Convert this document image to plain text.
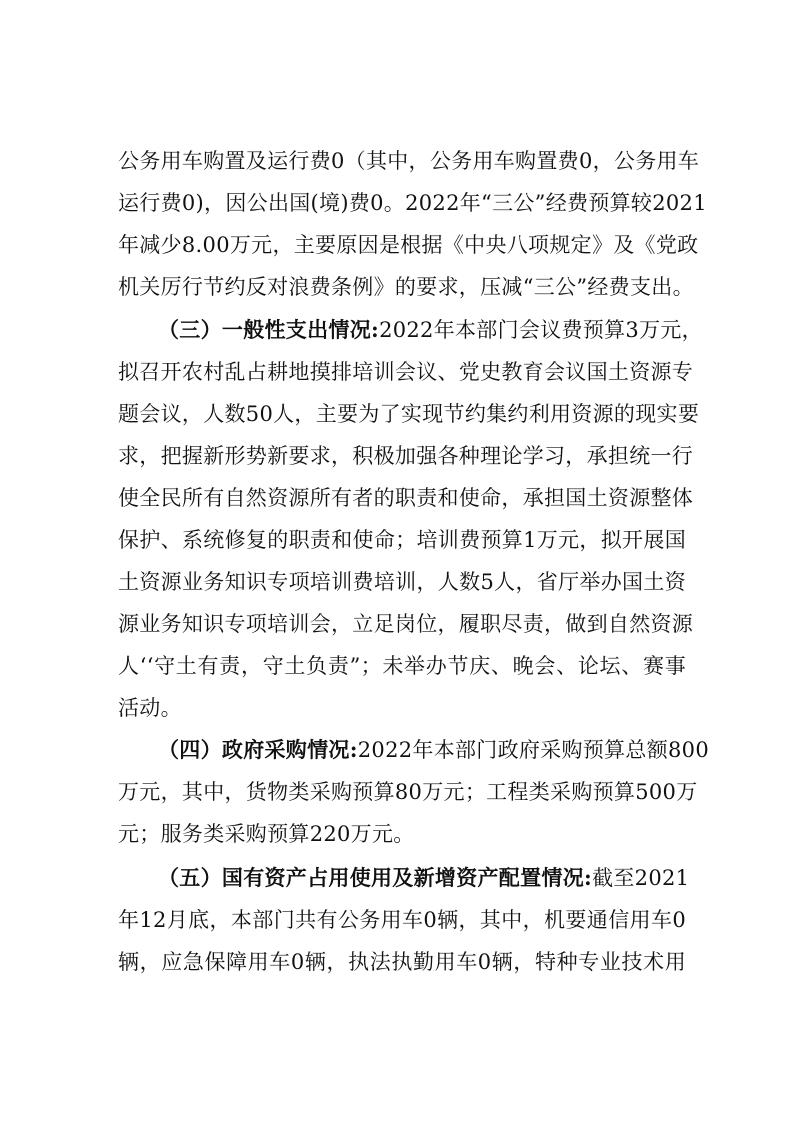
公务用车购置及运行费0（其中，公务用车购置费0，公务用车
运行费0)，因公出国(境)费0。2022年“三公”经费预算较2021
年减少8.00万元，主要原因是根据《中央八项规定》及《党政
机关厉行节约反对浪费条例》的要求，压减“三公”经费支出。
（三）一般性支出情况:2022年本部门会议费预算3万元，
拟召开农村乱占耕地摸排培训会议、党史教育会议国土资源专
题会议，人数50人，主要为了实现节约集约利用资源的现实要
求，把握新形势新要求，积极加强各种理论学习，承担统一行
使全民所有自然资源所有者的职责和使命，承担国土资源整体
保护、系统修复的职责和使命；培训费预算1万元，拟开展国
土资源业务知识专项培训费培训，人数5人，省厅举办国土资
源业务知识专项培训会，立足岗位，履职尽责，做到自然资源
人‘‘守土有责，守土负责”；未举办节庆、晚会、论坛、赛事
活动。
（四）政府采购情况:2022年本部门政府采购预算总额800
万元，其中，货物类采购预算80万元；工程类采购预算500万
元；服务类采购预算220万元。
（五）国有资产占用使用及新增资产配置情况:截至2021
年12月底，本部门共有公务用车0辆，其中，机要通信用车0
辆，应急保障用车0辆，执法执勤用车0辆，特种专业技术用
